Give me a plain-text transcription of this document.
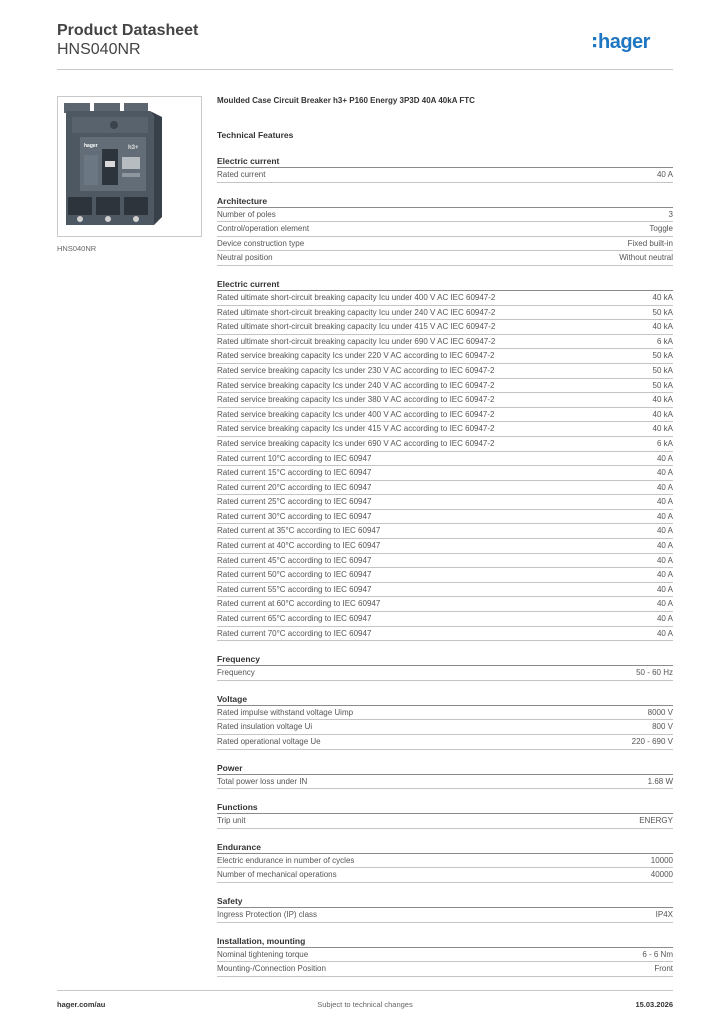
Product Datasheet
HNS040NR	hager
hager	h3+
HNS040NR
Moulded Case Circuit Breaker h3+ P160 Energy 3P3D 40A 40kA FTC
Technical Features
Electric current
Rated current	40 A
Architecture
Number of poles	3
Control/operation element	Toggle
Device construction type	Fixed built-in
Neutral position	Without neutral
Electric current
Rated ultimate short-circuit breaking capacity Icu under 400 V AC IEC 60947-2	40 kA
Rated ultimate short-circuit breaking capacity Icu under 240 V AC IEC 60947-2	50 kA
Rated ultimate short-circuit breaking capacity Icu under 415 V AC IEC 60947-2	40 kA
Rated ultimate short-circuit breaking capacity Icu under 690 V AC IEC 60947-2	6 kA
Rated service breaking capacity Ics under 220 V AC according to IEC 60947-2	50 kA
Rated service breaking capacity Ics under 230 V AC according to IEC 60947-2	50 kA
Rated service breaking capacity Ics under 240 V AC according to IEC 60947-2	50 kA
Rated service breaking capacity Ics under 380 V AC according to IEC 60947-2	40 kA
Rated service breaking capacity Ics under 400 V AC according to IEC 60947-2	40 kA
Rated service breaking capacity Ics under 415 V AC according to IEC 60947-2	40 kA
Rated service breaking capacity Ics under 690 V AC according to IEC 60947-2	6 kA
Rated current 10°C according to IEC 60947	40 A
Rated current 15°C according to IEC 60947	40 A
Rated current 20°C according to IEC 60947	40 A
Rated current 25°C according to IEC 60947	40 A
Rated current 30°C according to IEC 60947	40 A
Rated current at 35°C according to IEC 60947	40 A
Rated current at 40°C according to IEC 60947	40 A
Rated current 45°C according to IEC 60947	40 A
Rated current 50°C according to IEC 60947	40 A
Rated current 55°C according to IEC 60947	40 A
Rated current at 60°C according to IEC 60947	40 A
Rated current 65°C according to IEC 60947	40 A
Rated current 70°C according to IEC 60947	40 A
Frequency
Frequency	50 - 60 Hz
Voltage
Rated impulse withstand voltage Uimp	8000 V
Rated insulation voltage Ui	800 V
Rated operational voltage Ue	220 - 690 V
Power
Total power loss under IN	1.68 W
Functions
Trip unit	ENERGY
Endurance
Electric endurance in number of cycles	10000
Number of mechanical operations	40000
Safety
Ingress Protection (IP) class	IP4X
Installation, mounting
Nominal tightening torque	6 - 6 Nm
Mounting-/Connection Position	Front
hager.com/au	Subject to technical changes	15.03.2026
